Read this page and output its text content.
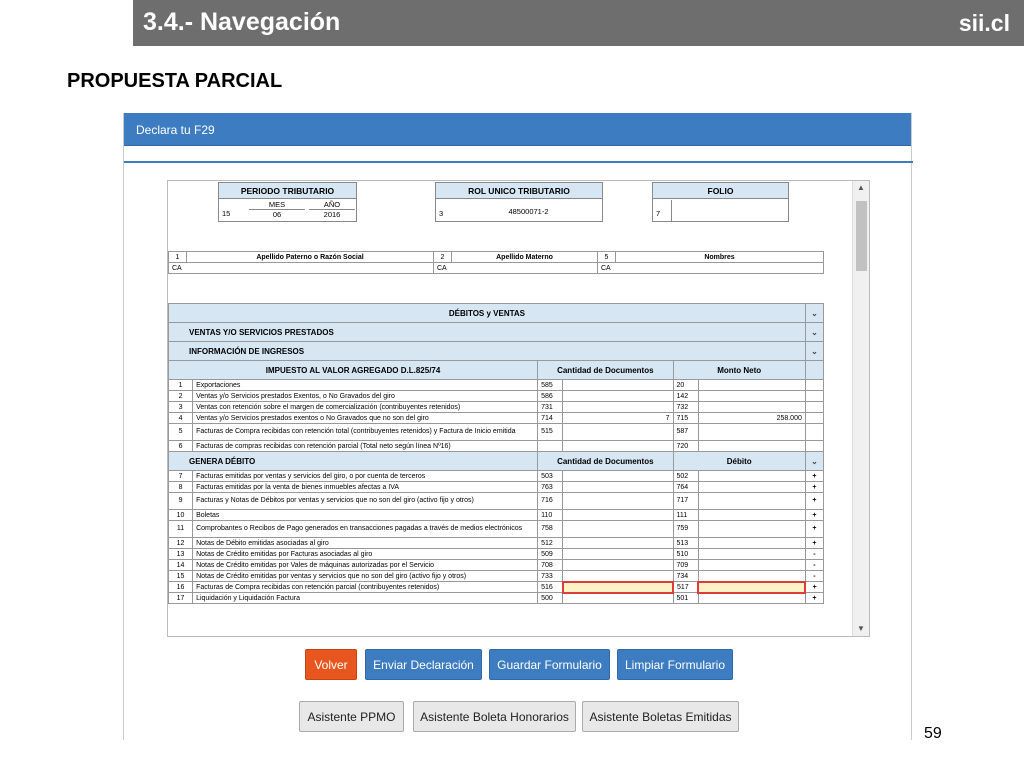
3.4.- Navegación	sii.cl
PROPUESTA PARCIAL
Declara tu F29
PERIODO TRIBUTARIO
15
MES	AÑO
06	2016
ROL UNICO TRIBUTARIO
3	48500071-2
FOLIO
7
1	Apellido Paterno o Razón Social	2	Apellido Materno	5	Nombres
CA		CA		CA	
DÉBITOS y VENTAS						⌄
VENTAS Y/O SERVICIOS PRESTADOS						⌄
INFORMACIÓN DE INGRESOS						⌄
IMPUESTO AL VALOR AGREGADO D.L.825/74		Cantidad de Documentos		Monto Neto		
1	Exportaciones	585		20		
2	Ventas y/o Servicios prestados Exentos, o No Gravados del giro	586		142		
3	Ventas con retención sobre el margen de comercialización (contribuyentes retenidos)	731		732		
4	Ventas y/o Servicios prestados exentos o No Gravados que no son del giro	714	7	715	258.000	
5	Facturas de Compra recibidas con retención total (contribuyentes retenidos) y Factura de Inicio emitida	515		587		
6	Facturas de compras recibidas con retención parcial (Total neto según línea Nº16)			720		
GENERA DÉBITO		Cantidad de Documentos		Débito		⌄
7	Facturas emitidas por ventas y servicios del giro, o por cuenta de terceros	503		502		+
8	Facturas emitidas por la venta de bienes inmuebles afectas a IVA	763		764		+
9	Facturas y Notas de Débitos por ventas y servicios que no son del giro (activo fijo y otros)	716		717		+
10	Boletas	110		111		+
11	Comprobantes o Recibos de Pago generados en transacciones pagadas a través de medios electrónicos	758		759		+
12	Notas de Débito emitidas asociadas al giro	512		513		+
13	Notas de Crédito emitidas por Facturas asociadas al giro	509		510		-
14	Notas de Crédito emitidas por Vales de máquinas autorizadas por el Servicio	708		709		-
15	Notas de Crédito emitidas por ventas y servicios que no son del giro (activo fijo y otros)	733		734		-
16	Facturas de Compra recibidas con retención parcial (contribuyentes retenidos)	516		517		+
17	Liquidación y Liquidación Factura	500		501		+
▲
▼
Volver	Enviar Declaración	Guardar Formulario	Limpiar Formulario
Asistente PPMO	Asistente Boleta Honorarios	Asistente Boletas Emitidas
59
